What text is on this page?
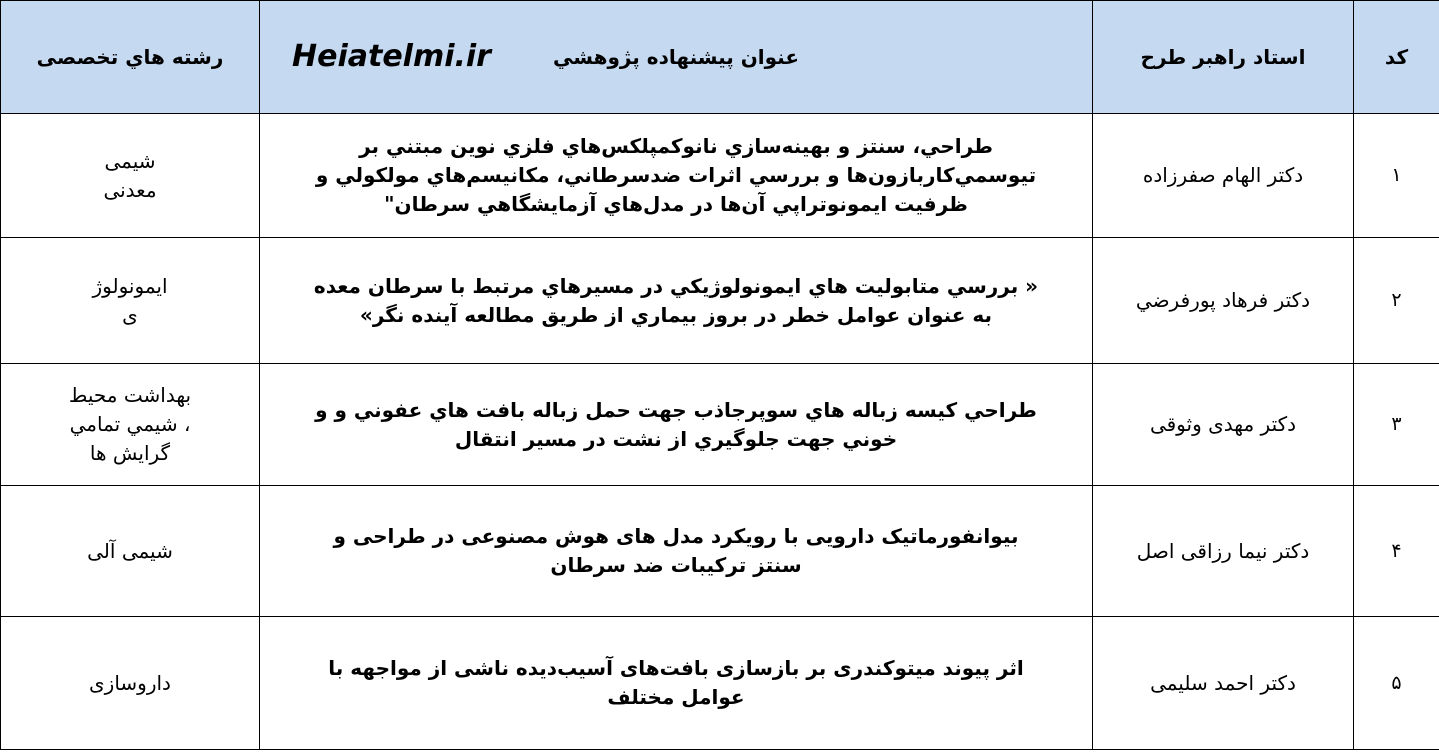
کد	استاد راهبر طرح	Heiatelmi.ir عنوان پيشنهاده پژوهشي	رشته هاي تخصصی
۱	دکتر الهام صفرزاده	طراحي، سنتز و بهينه‌سازي نانوکمپلکس‌هاي فلزي نوين مبتني بر
تيوسمي‌کاربازون‌ها و بررسي اثرات ضدسرطاني، مکانيسم‌هاي مولکولي و
ظرفيت ايمونوتراپي آن‌ها در مدل‌هاي آزمايشگاهي سرطان"	شیمی
معدنی

۲	دکتر فرهاد پورفرضي	« بررسي متابوليت هاي ايمونولوژيکي در مسيرهاي مرتبط با سرطان معده
به عنوان عوامل خطر در بروز بيماري از طريق مطالعه آينده نگر»	ایمونولوژ
ی

۳	دکتر مهدی وثوقی	طراحي کيسه زباله هاي سوپرجاذب جهت حمل زباله بافت هاي عفوني و و
خوني جهت جلوگيري از نشت در مسير انتقال	بهداشت محيط
، شيمي تمامي
گرايش ها

۴	دکتر نیما رزاقی اصل	بیوانفورماتیک دارویی با رویکرد مدل های هوش مصنوعی در طراحی و
سنتز ترکیبات ضد سرطان	شیمی آلی

۵	دکتر احمد سلیمی	اثر پیوند میتوکندری بر بازسازی بافت‌های آسیب‌دیده ناشی از مواجهه با
عوامل مختلف	داروسازی
